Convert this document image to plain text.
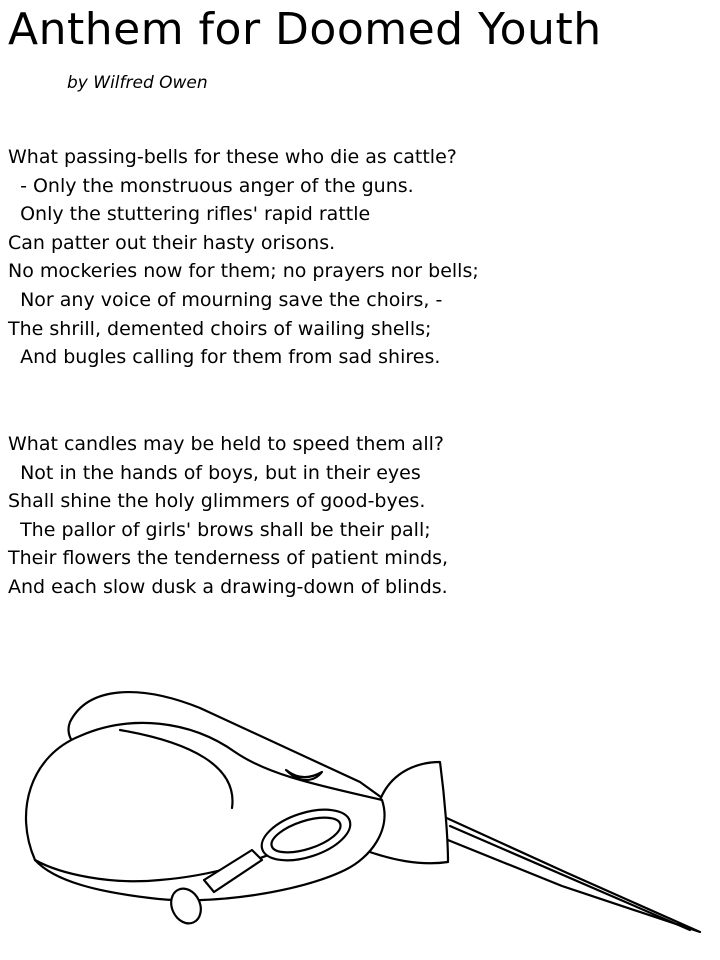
Anthem for Doomed Youth
by Wilfred Owen
What passing-bells for these who die as cattle?
- Only the monstruous anger of the guns.
Only the stuttering rifles' rapid rattle
Can patter out their hasty orisons.
No mockeries now for them; no prayers nor bells;
Nor any voice of mourning save the choirs, -
The shrill, demented choirs of wailing shells;
And bugles calling for them from sad shires.
What candles may be held to speed them all?
Not in the hands of boys, but in their eyes
Shall shine the holy glimmers of good-byes.
The pallor of girls' brows shall be their pall;
Their flowers the tenderness of patient minds,
And each slow dusk a drawing-down of blinds.
